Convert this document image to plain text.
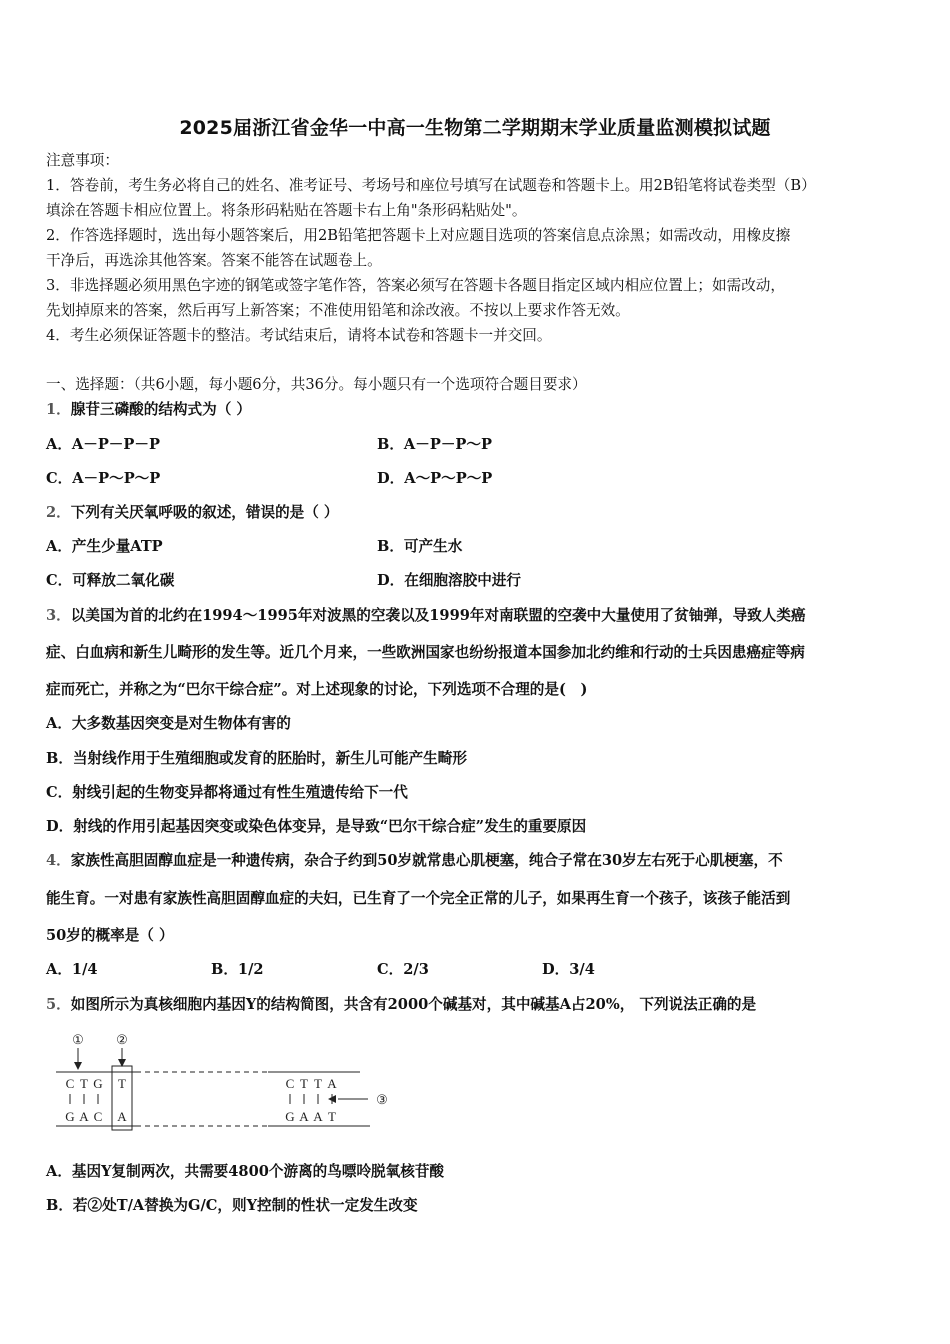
2025届浙江省金华一中高一生物第二学期期末学业质量监测模拟试题
注意事项：
1．答卷前，考生务必将自己的姓名、准考证号、考场号和座位号填写在试题卷和答题卡上。用2B铅笔将试卷类型（B）
填涂在答题卡相应位置上。将条形码粘贴在答题卡右上角"条形码粘贴处"。
2．作答选择题时，选出每小题答案后，用2B铅笔把答题卡上对应题目选项的答案信息点涂黑；如需改动，用橡皮擦
干净后，再选涂其他答案。答案不能答在试题卷上。
3．非选择题必须用黑色字迹的钢笔或签字笔作答，答案必须写在答题卡各题目指定区域内相应位置上；如需改动，
先划掉原来的答案，然后再写上新答案；不准使用铅笔和涂改液。不按以上要求作答无效。
4．考生必须保证答题卡的整洁。考试结束后，请将本试卷和答题卡一并交回。
一、选择题：（共6小题，每小题6分，共36分。每小题只有一个选项符合题目要求）
1．腺苷三磷酸的结构式为（ ）
A．A－P－P－P	B．A－P－P～P
C．A－P～P～P	D．A～P～P～P
2．下列有关厌氧呼吸的叙述，错误的是（ ）
A．产生少量ATP	B．可产生水
C．可释放二氧化碳	D．在细胞溶胶中进行
3．以美国为首的北约在1994～1995年对波黑的空袭以及1999年对南联盟的空袭中大量使用了贫铀弹，导致人类癌
症、白血病和新生儿畸形的发生等。近几个月来，一些欧洲国家也纷纷报道本国参加北约维和行动的士兵因患癌症等病
症而死亡，并称之为“巴尔干综合症”。对上述现象的讨论，下列选项不合理的是(　)
A．大多数基因突变是对生物体有害的
B．当射线作用于生殖细胞或发育的胚胎时，新生儿可能产生畸形
C．射线引起的生物变异都将通过有性生殖遗传给下一代
D．射线的作用引起基因突变或染色体变异，是导致“巴尔干综合症”发生的重要原因
4．家族性高胆固醇血症是一种遗传病，杂合子约到50岁就常患心肌梗塞，纯合子常在30岁左右死于心肌梗塞，不
能生育。一对患有家族性高胆固醇血症的夫妇，已生育了一个完全正常的儿子，如果再生育一个孩子，该孩子能活到
50岁的概率是（ ）
A．1/4	B．1/2	C．2/3	D．3/4
5．如图所示为真核细胞内基因Y的结构简图，共含有2000个碱基对，其中碱基A占20%， 下列说法正确的是
① ②
③
C T G T
G A C A
C T T A
G A A T
A．基因Y复制两次，共需要4800个游离的鸟嘌呤脱氧核苷酸
B．若②处T/A替换为G/C，则Y控制的性状一定发生改变
